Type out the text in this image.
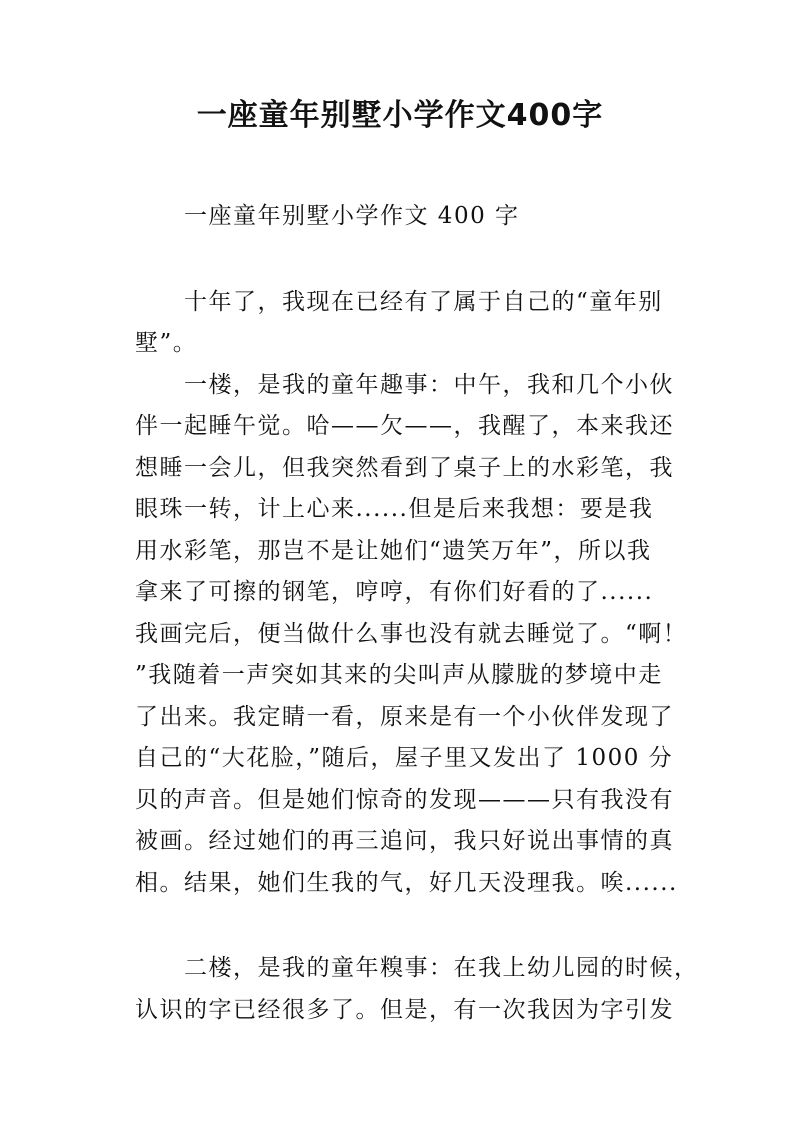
一座童年别墅小学作文400字
　　一座童年别墅小学作文 400 字
　　十年了，我现在已经有了属于自己的“童年别
墅”。
　　一楼，是我的童年趣事：中午，我和几个小伙
伴一起睡午觉。哈——欠——，我醒了，本来我还
想睡一会儿，但我突然看到了桌子上的水彩笔，我
眼珠一转，计上心来......但是后来我想：要是我
用水彩笔，那岂不是让她们“遗笑万年”，所以我
拿来了可擦的钢笔，哼哼，有你们好看的了......
我画完后，便当做什么事也没有就去睡觉了。“啊！
”我随着一声突如其来的尖叫声从朦胧的梦境中走
了出来。我定睛一看，原来是有一个小伙伴发现了
自己的“大花脸，”随后，屋子里又发出了 1000 分
贝的声音。但是她们惊奇的发现———只有我没有
被画。经过她们的再三追问，我只好说出事情的真
相。结果，她们生我的气，好几天没理我。唉......
　　二楼，是我的童年糗事：在我上幼儿园的时候，
认识的字已经很多了。但是，有一次我因为字引发
